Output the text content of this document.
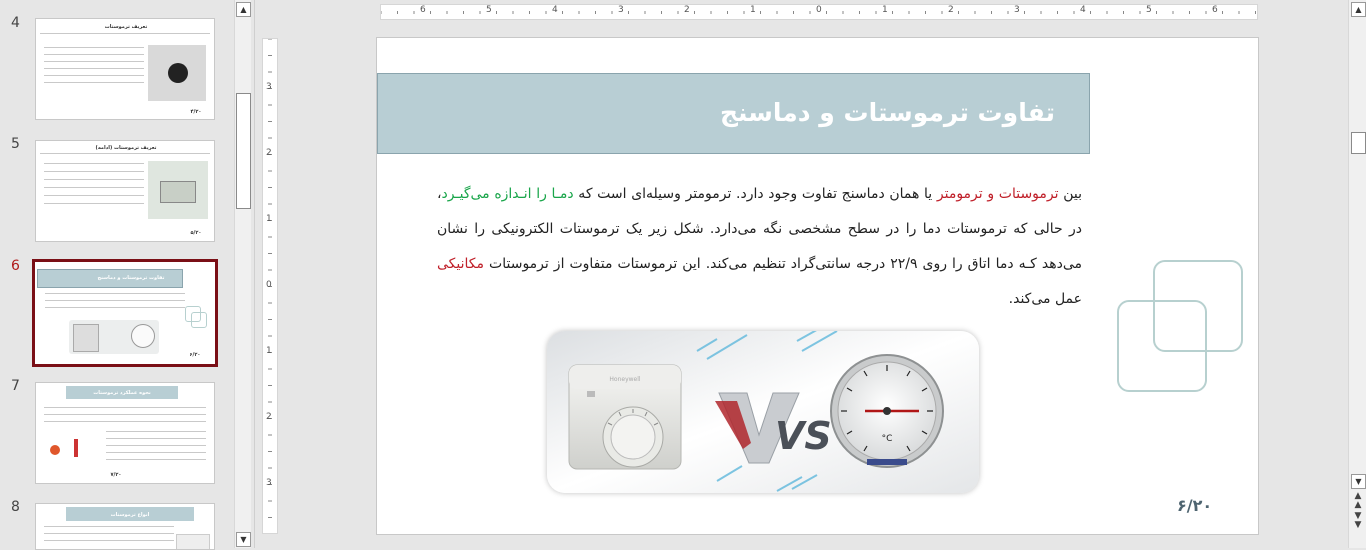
4	تعریف ترموستات
۴/۲۰
5	تعریف ترموستات (ادامه)
۵/۲۰
6
تفاوت ترموستات و دماسنج
۶/۲۰
7	نحوه عملکرد ترموستات
۷/۲۰
8	انواع ترموستات
▲
▼
6	5	4	3	2	1	0	1	2	3	4	5	6
3
2
1
0
1
2
3
تفاوت ترموستات و دماسنج
بین ترموستات و ترمومتر یا همان دماسنج تفاوت وجود دارد. ترمومتر وسیله‌ای است که دمـا را انـدازه می‌گیـرد، در حالی که ترموستات دما را در سطح مشخصی نگه می‌دارد. شکل زیر یک ترموستات الکترونیکی را نشان می‌دهد کـه دما اتاق را روی ۲۲/۹ درجه سانتی‌گراد تنظیم می‌کند. این ترموستات متفاوت از ترموستات مکانیکی عمل می‌کند.
Honeywell
VS	°C
۶/۲۰
▲
▼
▲
▲
▼
▼
